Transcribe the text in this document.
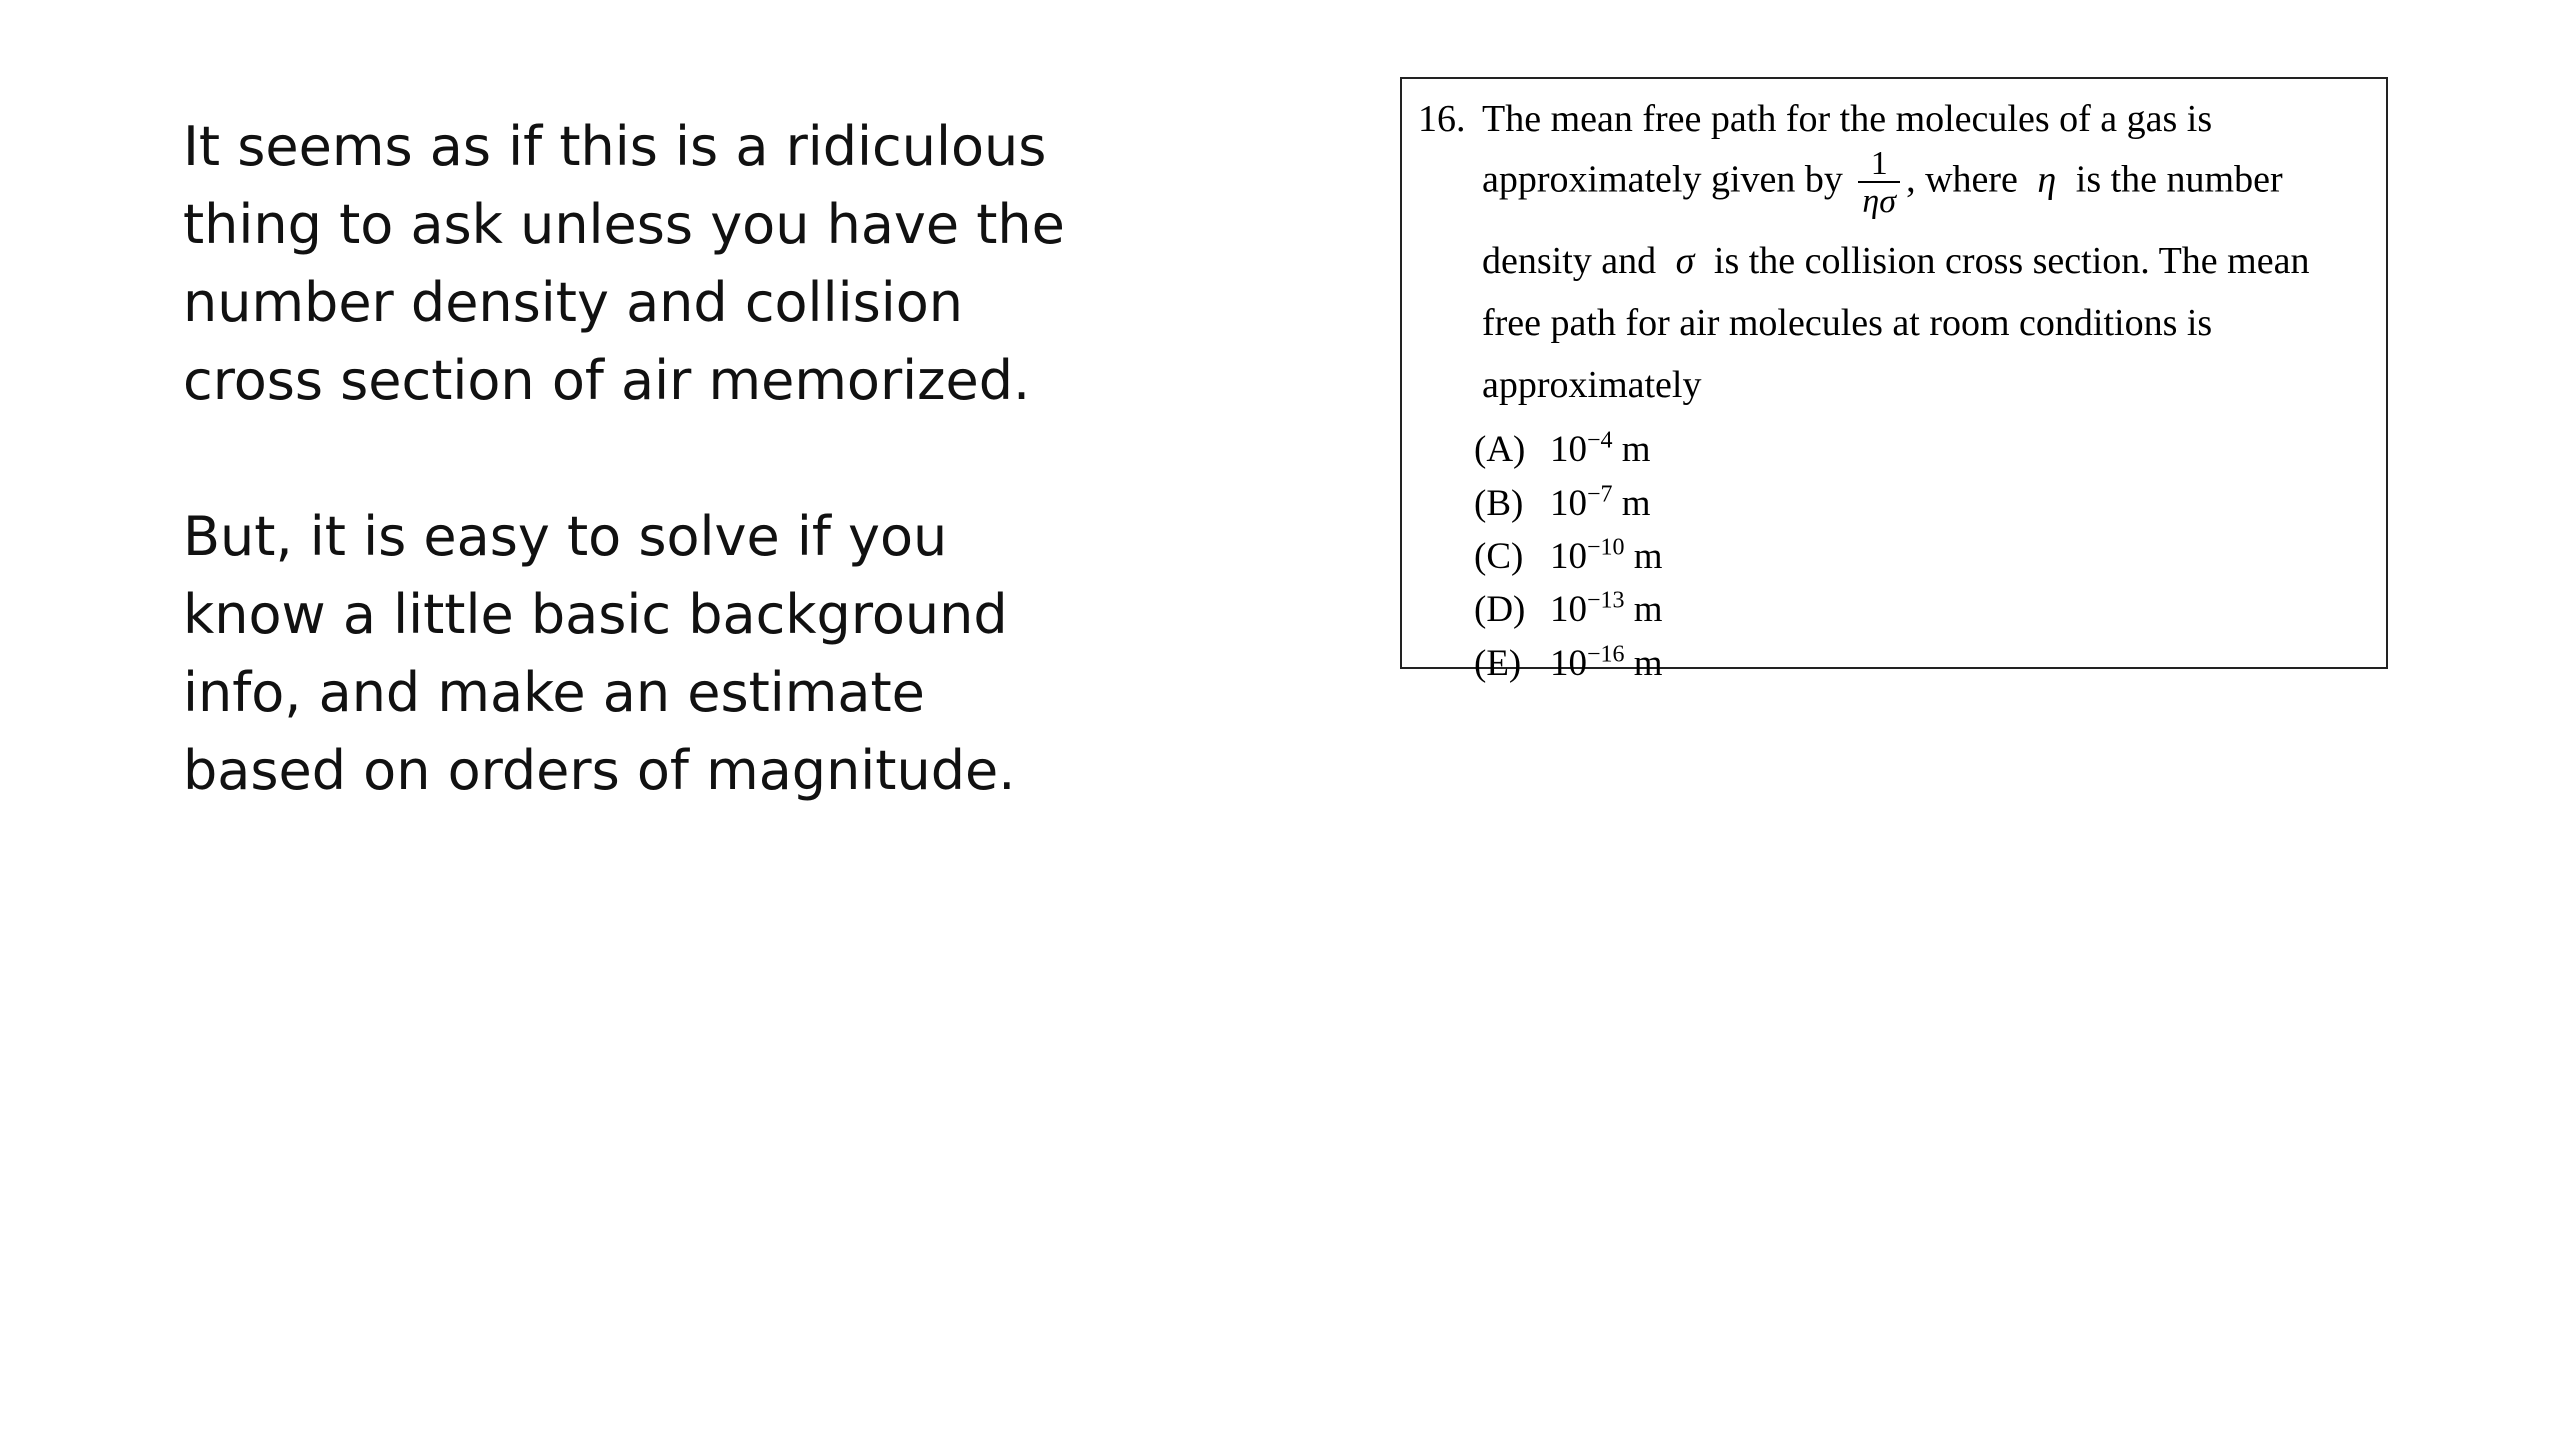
It seems as if this is a ridiculous
thing to ask unless you have the
number density and collision
cross section of air memorized.

But, it is easy to solve if you
know a little basic background
info, and make an estimate
based on orders of magnitude.

16. The mean free path for the molecules of a gas is
approximately given by $\frac{1}{\eta\sigma}$ , where η is the number
density and σ is the collision cross section. The mean
free path for air molecules at room conditions is
approximately
(A) $10^{-4}$ m
(B) $10^{-7}$ m
(C) $10^{-10}$ m
(D) $10^{-13}$ m
(E) $10^{-16}$ m
